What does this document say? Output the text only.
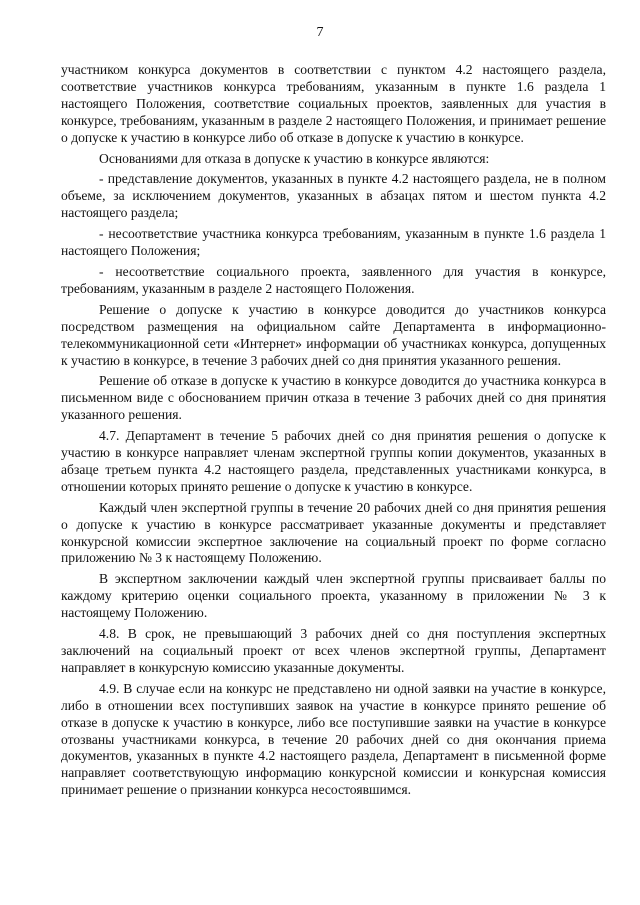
7

участником конкурса документов в соответствии с пунктом 4.2 настоящего раздела, соответствие участников конкурса требованиям, указанным в пункте 1.6 раздела 1 настоящего Положения, соответствие социальных проектов, заявленных для участия в конкурсе, требованиям, указанным в разделе 2 настоящего Положения, и принимает решение о допуске к участию в конкурсе либо об отказе в допуске к участию в конкурсе.

Основаниями для отказа в допуске к участию в конкурсе являются:

- представление документов, указанных в пункте 4.2 настоящего раздела, не в полном объеме, за исключением документов, указанных в абзацах пятом и шестом пункта 4.2 настоящего раздела;

- несоответствие участника конкурса требованиям, указанным в пункте 1.6 раздела 1 настоящего Положения;

- несоответствие социального проекта, заявленного для участия в конкурсе, требованиям, указанным в разделе 2 настоящего Положения.

Решение о допуске к участию в конкурсе доводится до участников конкурса посредством размещения на официальном сайте Департамента в информационно-телекоммуникационной сети «Интернет» информации об участниках конкурса, допущенных к участию в конкурсе, в течение 3 рабочих дней со дня принятия указанного решения.

Решение об отказе в допуске к участию в конкурсе доводится до участника конкурса в письменном виде с обоснованием причин отказа в течение 3 рабочих дней со дня принятия указанного решения.

4.7. Департамент в течение 5 рабочих дней со дня принятия решения о допуске к участию в конкурсе направляет членам экспертной группы копии документов, указанных в абзаце третьем пункта 4.2 настоящего раздела, представленных участниками конкурса, в отношении которых принято решение о допуске к участию в конкурсе.

Каждый член экспертной группы в течение 20 рабочих дней со дня принятия решения о допуске к участию в конкурсе рассматривает указанные документы и представляет конкурсной комиссии экспертное заключение на социальный проект по форме согласно приложению № 3 к настоящему Положению.

В экспертном заключении каждый член экспертной группы присваивает баллы по каждому критерию оценки социального проекта, указанному в приложении № 3 к настоящему Положению.

4.8. В срок, не превышающий 3 рабочих дней со дня поступления экспертных заключений на социальный проект от всех членов экспертной группы, Департамент направляет в конкурсную комиссию указанные документы.

4.9. В случае если на конкурс не представлено ни одной заявки на участие в конкурсе, либо в отношении всех поступивших заявок на участие в конкурсе принято решение об отказе в допуске к участию в конкурсе, либо все поступившие заявки на участие в конкурсе отозваны участниками конкурса, в течение 20 рабочих дней со дня окончания приема документов, указанных в пункте 4.2 настоящего раздела, Департамент в письменной форме направляет соответствующую информацию конкурсной комиссии и конкурсная комиссия принимает решение о признании конкурса несостоявшимся.
